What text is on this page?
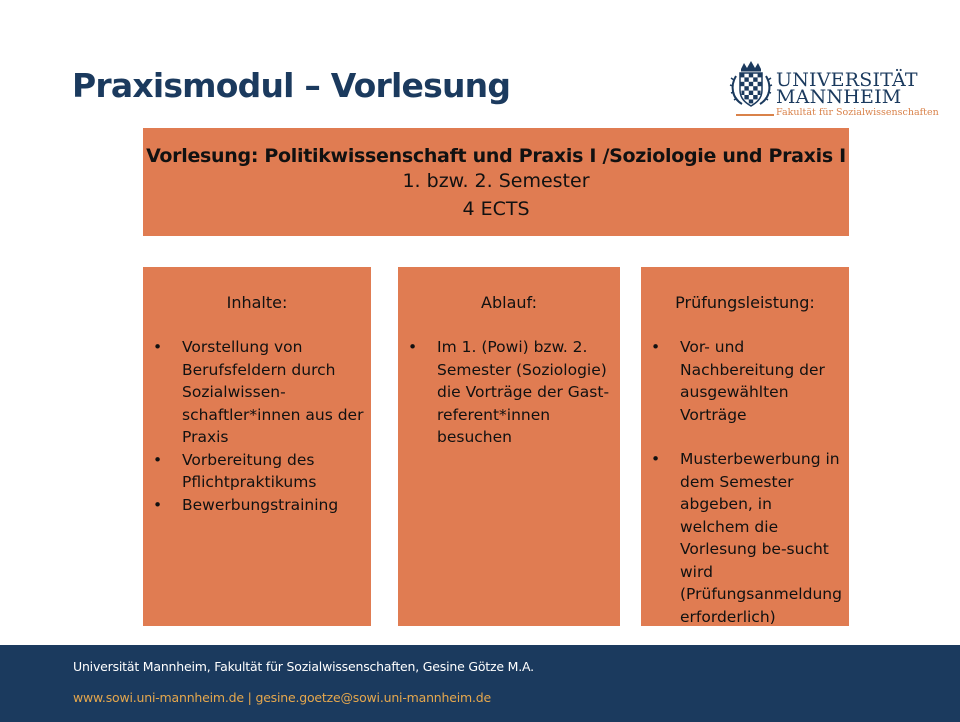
Praxismodul – Vorlesung	UNIVERSITÄT
MANNHEIM
Fakultät für Sozialwissenschaften
Vorlesung: Politikwissenschaft und Praxis I /Soziologie und Praxis I
1. bzw. 2. Semester
4 ECTS
Inhalte:
• Vorstellung von Berufsfeldern durch Sozialwissen-schaftler*innen aus der Praxis
• Vorbereitung des Pflichtpraktikums
• Bewerbungstraining
Ablauf:
• Im 1. (Powi) bzw. 2. Semester (Soziologie) die Vorträge der Gast-referent*innen besuchen
Prüfungsleistung:
• Vor- und Nachbereitung der ausgewählten Vorträge
• Musterbewerbung in dem Semester abgeben, in welchem die Vorlesung be-sucht wird (Prüfungsanmeldung erforderlich)
Universität Mannheim, Fakultät für Sozialwissenschaften, Gesine Götze M.A.
www.sowi.uni-mannheim.de | gesine.goetze@sowi.uni-mannheim.de
